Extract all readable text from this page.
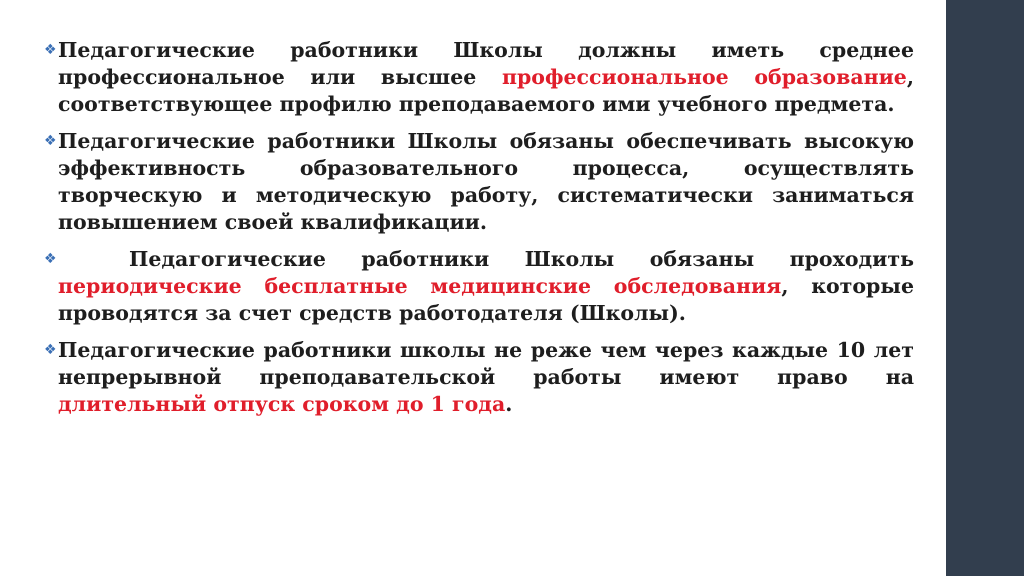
❖ Педагогические работники Школы должны иметь среднее профессиональное или высшее профессиональное образование, соответствующее профилю преподаваемого ими учебного предмета.
❖ Педагогические работники Школы обязаны обеспечивать высокую эффективность образовательного процесса, осуществлять творческую и методическую работу, систематически заниматься повышением своей квалификации.
❖	Педагогические работники Школы обязаны проходить периодические бесплатные медицинские обследования, которые проводятся за счет средств работодателя (Школы).
❖ Педагогические работники школы не реже чем через каждые 10 лет непрерывной преподавательской работы имеют право на длительный отпуск сроком до 1 года.
